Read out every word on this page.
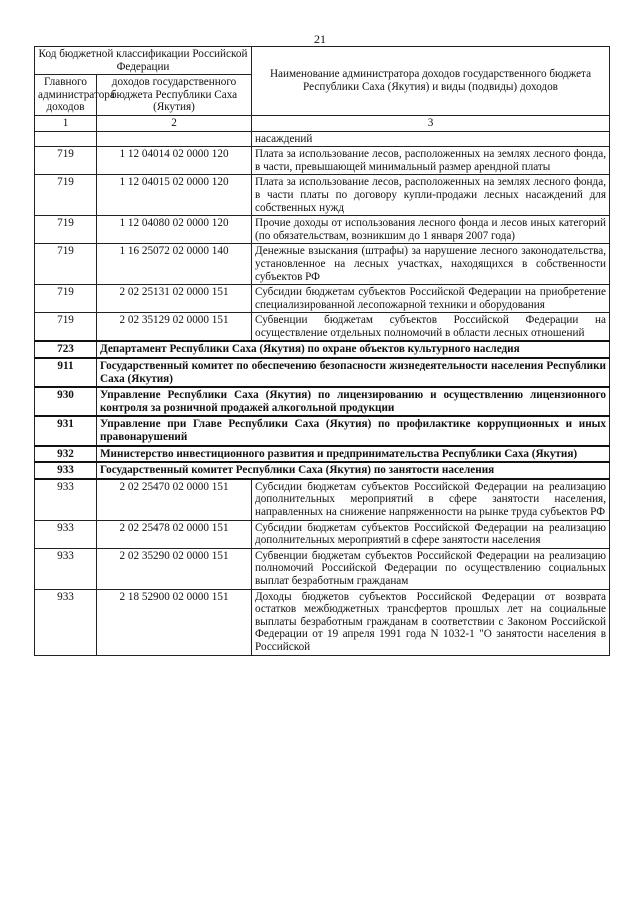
21
Код бюджетной классификации Российской Федерации		Наименование администратора доходов государственного бюджета Республики Саха (Якутия) и виды (подвиды) доходов
Главного администратора доходов	доходов государственного бюджета Республики Саха (Якутия)	
1	2	3
		насаждений
719	1 12 04014 02 0000 120	Плата за использование лесов, расположенных на землях лесного фонда, в части, превышающей минимальный размер арендной платы
719	1 12 04015 02 0000 120	Плата за использование лесов, расположенных на землях лесного фонда, в части платы по договору купли-продажи лесных насаждений для собственных нужд
719	1 12 04080 02 0000 120	Прочие доходы от использования лесного фонда и лесов иных категорий (по обязательствам, возникшим до 1 января 2007 года)
719	1 16 25072 02 0000 140	Денежные взыскания (штрафы) за нарушение лесного законодательства, установленное на лесных участках, находящихся в собственности субъектов РФ
719	2 02 25131 02 0000 151	Субсидии бюджетам субъектов Российской Федерации на приобретение специализированной лесопожарной техники и оборудования
719	2 02 35129 02 0000 151	Субвенции бюджетам субъектов Российской Федерации на осуществление отдельных полномочий в области лесных отношений
723	Департамент Республики Саха (Якутия) по охране объектов культурного наследия	
911	Государственный комитет по обеспечению безопасности жизнедеятельности населения Республики Саха (Якутия)	
930	Управление Республики Саха (Якутия) по лицензированию и осуществлению лицензионного контроля за розничной продажей алкогольной продукции	
931	Управление при Главе Республики Саха (Якутия) по профилактике коррупционных и иных правонарушений	
932	Министерство инвестиционного развития и предпринимательства Республики Саха (Якутия)	
933	Государственный комитет Республики Саха (Якутия) по занятости населения	
933	2 02 25470 02 0000 151	Субсидии бюджетам субъектов Российской Федерации на реализацию дополнительных мероприятий в сфере занятости населения, направленных на снижение напряженности на рынке труда субъектов РФ
933	2 02 25478 02 0000 151	Субсидии бюджетам субъектов Российской Федерации на реализацию дополнительных мероприятий в сфере занятости населения
933	2 02 35290 02 0000 151	Субвенции бюджетам субъектов Российской Федерации на реализацию полномочий Российской Федерации по осуществлению социальных выплат безработным гражданам
933	2 18 52900 02 0000 151	Доходы бюджетов субъектов Российской Федерации от возврата остатков межбюджетных трансфертов прошлых лет на социальные выплаты безработным гражданам в соответствии с Законом Российской Федерации от 19 апреля 1991 года N 1032-1 "О занятости населения в Российской
